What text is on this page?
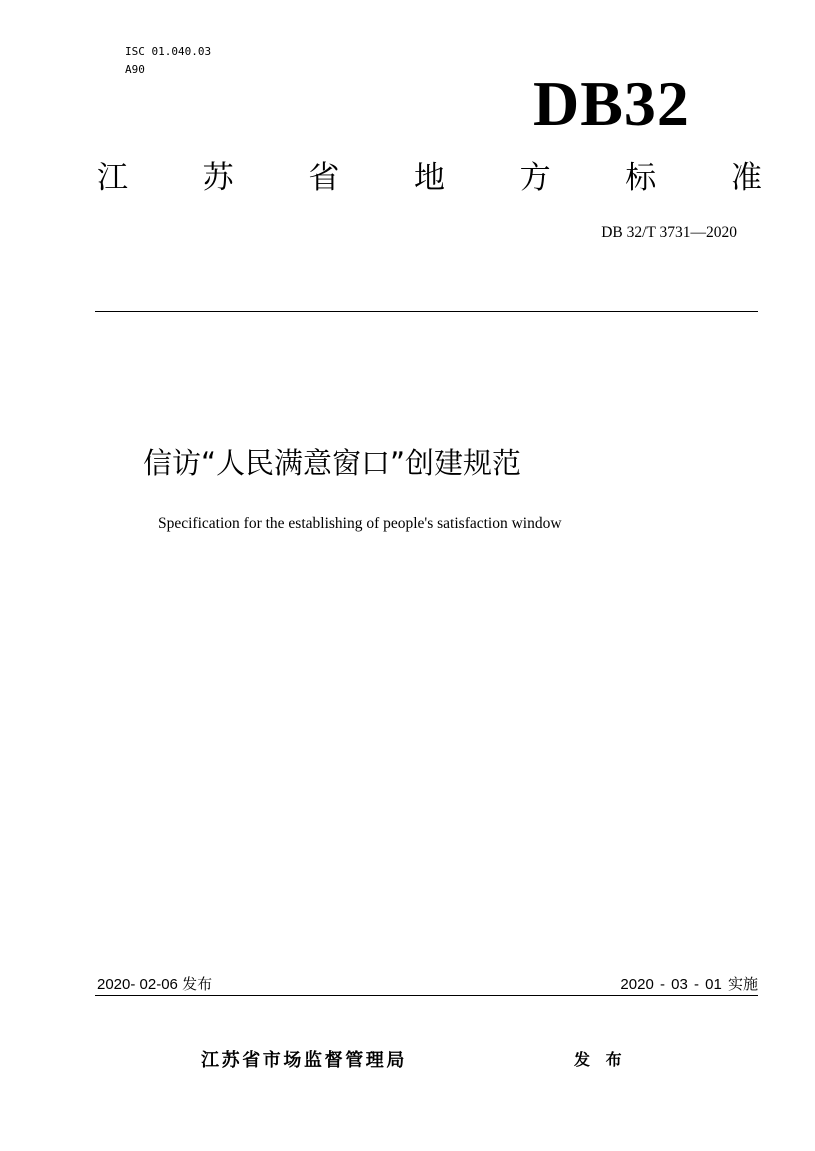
ISC 01.040.03
A90	DB32
江 苏 省 地 方 标 准
DB 32/T 3731—2020
信访“人民满意窗口”创建规范
Specification for the establishing of people's satisfaction window
2020- 02-06 发布	2020 - 03 - 01 实施
江苏省市场监督管理局	发 布
